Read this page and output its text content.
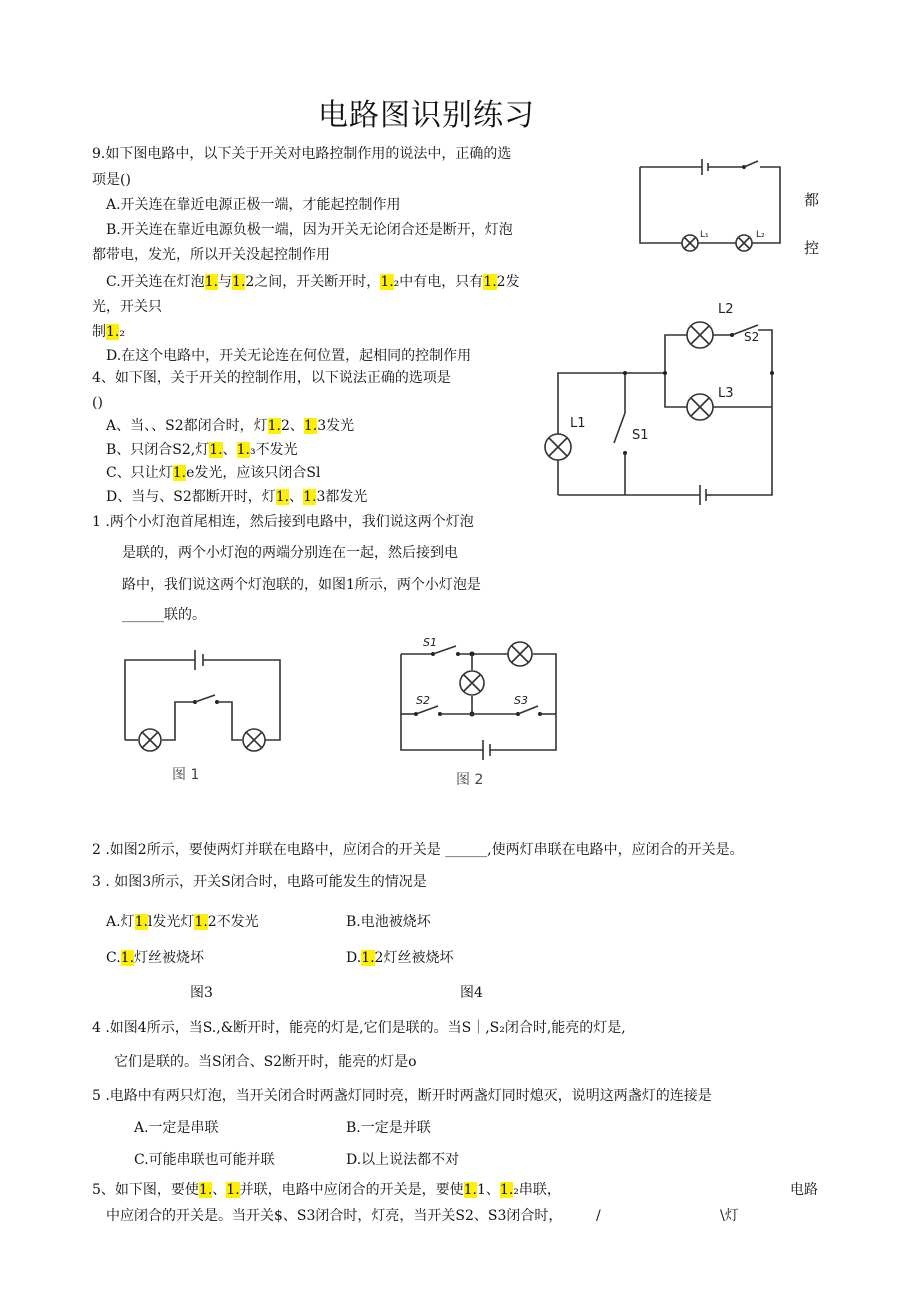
电路图识别练习
9.如下图电路中，以下关于开关对电路控制作用的说法中，正确的选
项是()
A.开关连在靠近电源正极一端，才能起控制作用
B.开关连在靠近电源负极一端，因为开关无论闭合还是断开，灯泡
都带电，发光，所以开关没起控制作用
C.开关连在灯泡1.与1.2之间，开关断开时，1.₂中有电，只有1.2发
光，开关只
制1.₂
D.在这个电路中，开关无论连在何位置，起相同的控制作用
都
控
L₁	L₂
4、如下图，关于开关的控制作用，以下说法正确的选项是
()
A、当、、S2都闭合时，灯1.2、1.3发光
B、只闭合S2,灯1.、1.₃不发光
C、只让灯1.e发光，应该只闭合Sl
D、当与、S2都断开时，灯1.、1.3都发光
L1
L2
L3
S1
S2
1 .两个小灯泡首尾相连，然后接到电路中，我们说这两个灯泡
是联的，两个小灯泡的两端分别连在一起，然后接到电
路中，我们说这两个灯泡联的，如图1所示，两个小灯泡是
______联的。
图 1
S1
S2	S3
图 2
2 .如图2所示，要使两灯并联在电路中，应闭合的开关是 ______,使两灯串联在电路中，应闭合的开关是。
3 . 如图3所示，开关S闭合时，电路可能发生的情况是
A.灯1.l发光灯1.2不发光	B.电池被烧坏
C.1.灯丝被烧坏	D.1.2灯丝被烧坏
图3	图4
4 .如图4所示，当S.,&断开时，能亮的灯是,它们是联的。当S｜,S₂闭合时,能亮的灯是,
它们是联的。当S闭合、S2断开时，能亮的灯是o
5 .电路中有两只灯泡，当开关闭合时两盏灯同时亮，断开时两盏灯同时熄灭，说明这两盏灯的连接是
A.一定是串联	B.一定是并联
C.可能串联也可能并联	D.以上说法都不对
5、如下图，要使1.、1.并联，电路中应闭合的开关是，要使1.1、1.₂串联，	电路
中应闭合的开关是。当开关$、S3闭合时，灯亮，当开关S2、S3闭合时， /	\灯
